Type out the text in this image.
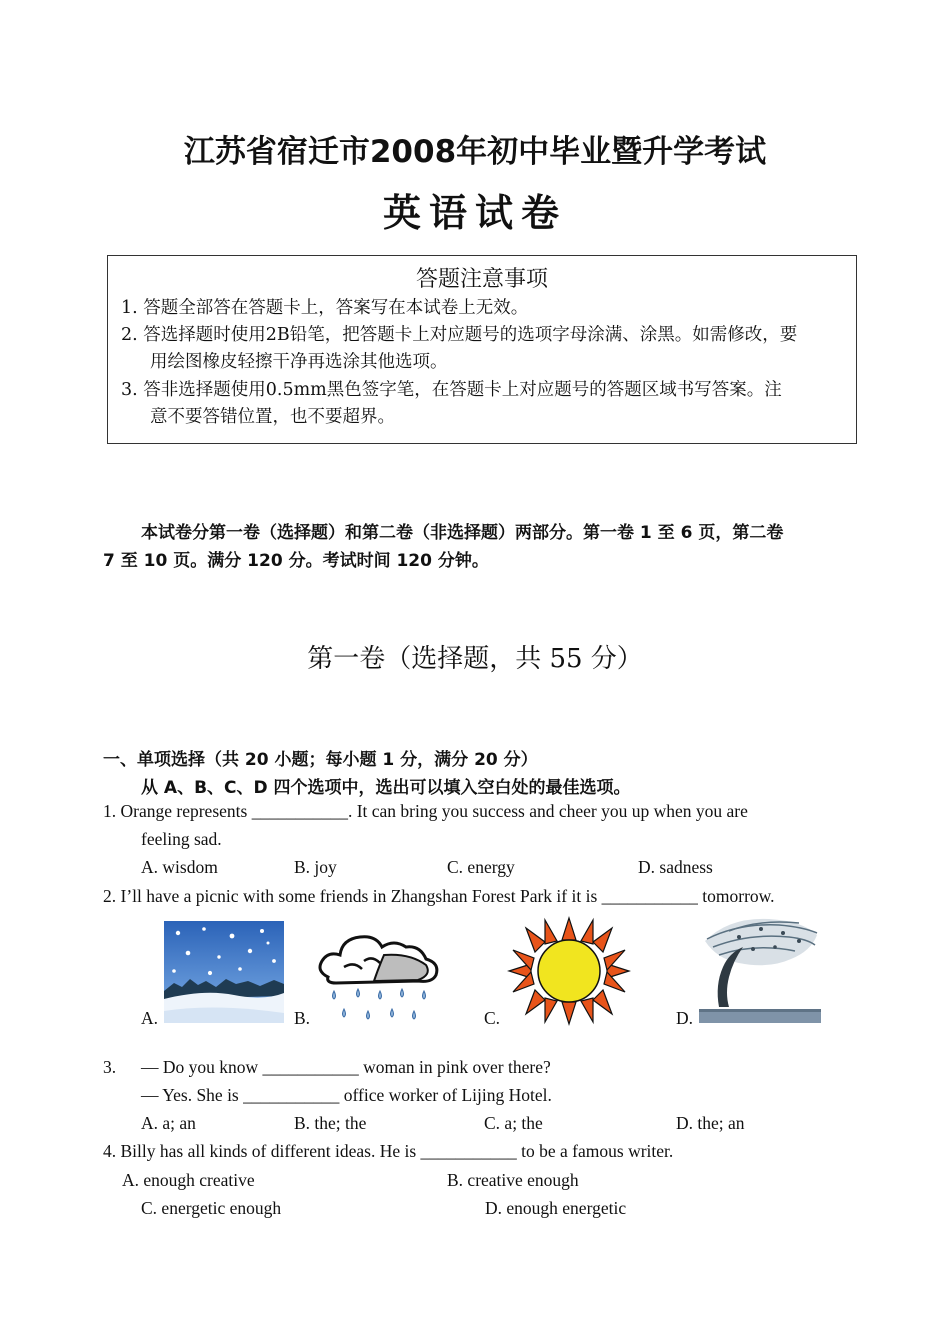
江苏省宿迁市2008年初中毕业暨升学考试
英语试卷
答题注意事项
1. 答题全部答在答题卡上，答案写在本试卷上无效。
2. 答选择题时使用2B铅笔，把答题卡上对应题号的选项字母涂满、涂黑。如需修改，要
用绘图橡皮轻擦干净再选涂其他选项。
3. 答非选择题使用0.5mm黑色签字笔，在答题卡上对应题号的答题区域书写答案。注
意不要答错位置，也不要超界。
本试卷分第一卷（选择题）和第二卷（非选择题）两部分。第一卷 1 至 6 页，第二卷
7 至 10 页。满分 120 分。考试时间 120 分钟。
第一卷（选择题，共 55 分）
一、单项选择（共 20 小题；每小题 1 分，满分 20 分）
从 A、B、C、D 四个选项中，选出可以填入空白处的最佳选项。
1. Orange represents ___________. It can bring you success and cheer you up when you are
feeling sad.
A. wisdom	B. joy	C. energy	D. sadness
2. I’ll have a picnic with some friends in Zhangshan Forest Park if it is ___________ tomorrow.
A.	B.	C.	D.
3. — Do you know ___________ woman in pink over there?
— Yes. She is ___________ office worker of Lijing Hotel.
A. a; an	B. the; the	C. a; the	D. the; an
4. Billy has all kinds of different ideas. He is ___________ to be a famous writer.
A. enough creative	B. creative enough
C. energetic enough	D. enough energetic
